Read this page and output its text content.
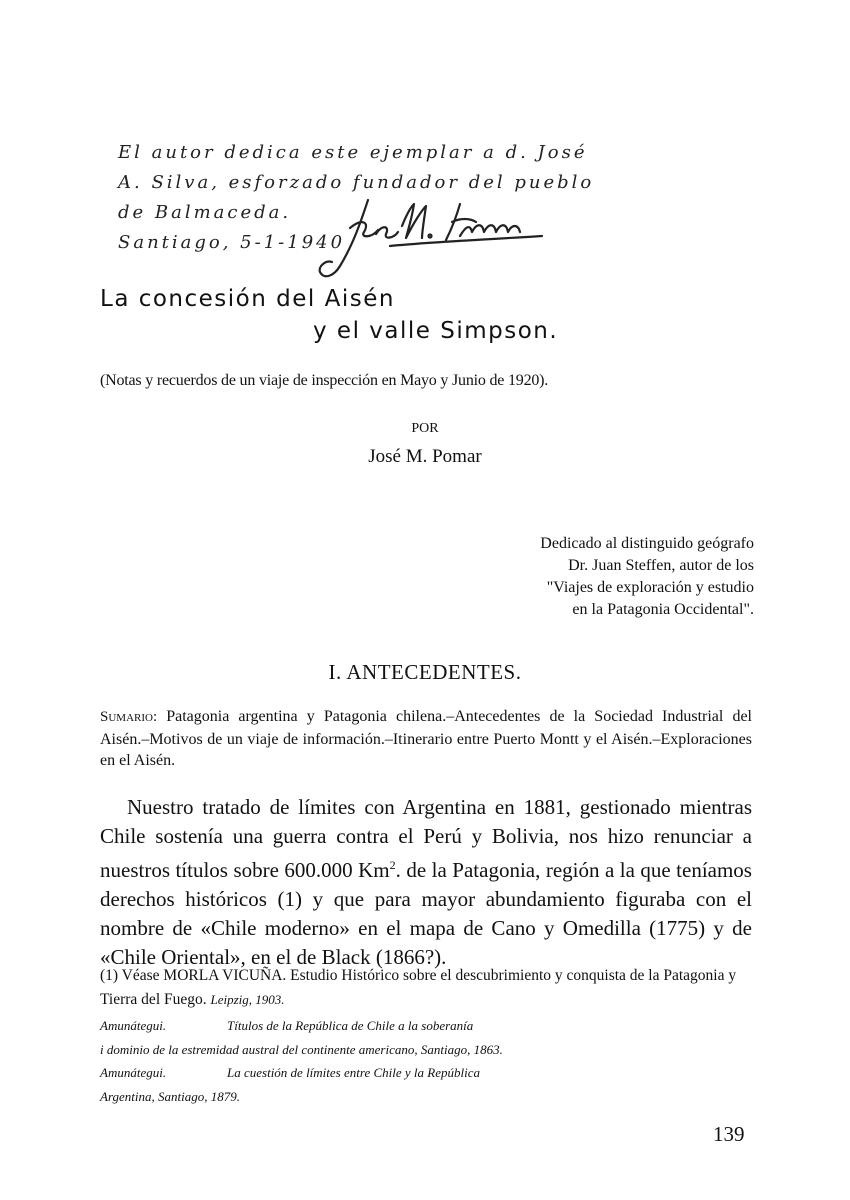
El autor dedica este ejemplar a d. José
A. Silva, esforzado fundador del pueblo
de Balmaceda.
Santiago, 5-1-1940
La concesión del Aisén
y el valle Simpson.
(Notas y recuerdos de un viaje de inspección en Mayo y Junio de 1920).
POR
José M. Pomar
Dedicado al distinguido geógrafo
Dr. Juan Steffen, autor de los
"Viajes de exploración y estudio
en la Patagonia Occidental".
I. ANTECEDENTES.
Sumario: Patagonia argentina y Patagonia chilena.–Antecedentes de la Sociedad Industrial del Aisén.–Motivos de un viaje de información.–Itinerario entre Puerto Montt y el Aisén.–Exploraciones en el Aisén.

Nuestro tratado de límites con Argentina en 1881, gestionado mientras Chile sostenía una guerra contra el Perú y Bolivia, nos hizo renunciar a nuestros títulos sobre 600.000 Km$^2$. de la Patagonia, región a la que teníamos derechos históricos (1) y que para mayor abundamiento figuraba con el nombre de «Chile moderno» en el mapa de Cano y Omedilla (1775) y de «Chile Oriental», en el de Black (1866?).

(1) Véase MORLA VICUÑA. Estudio Histórico sobre el descubrimiento y conquista de la Patagonia y Tierra del Fuego. Leipzig, 1903.
Amunátegui.	Títulos de la República de Chile a la soberanía
i dominio de la estremidad austral del continente americano, Santiago, 1863.
Amunátegui.	La cuestión de límites entre Chile y la República
Argentina, Santiago, 1879.
139
